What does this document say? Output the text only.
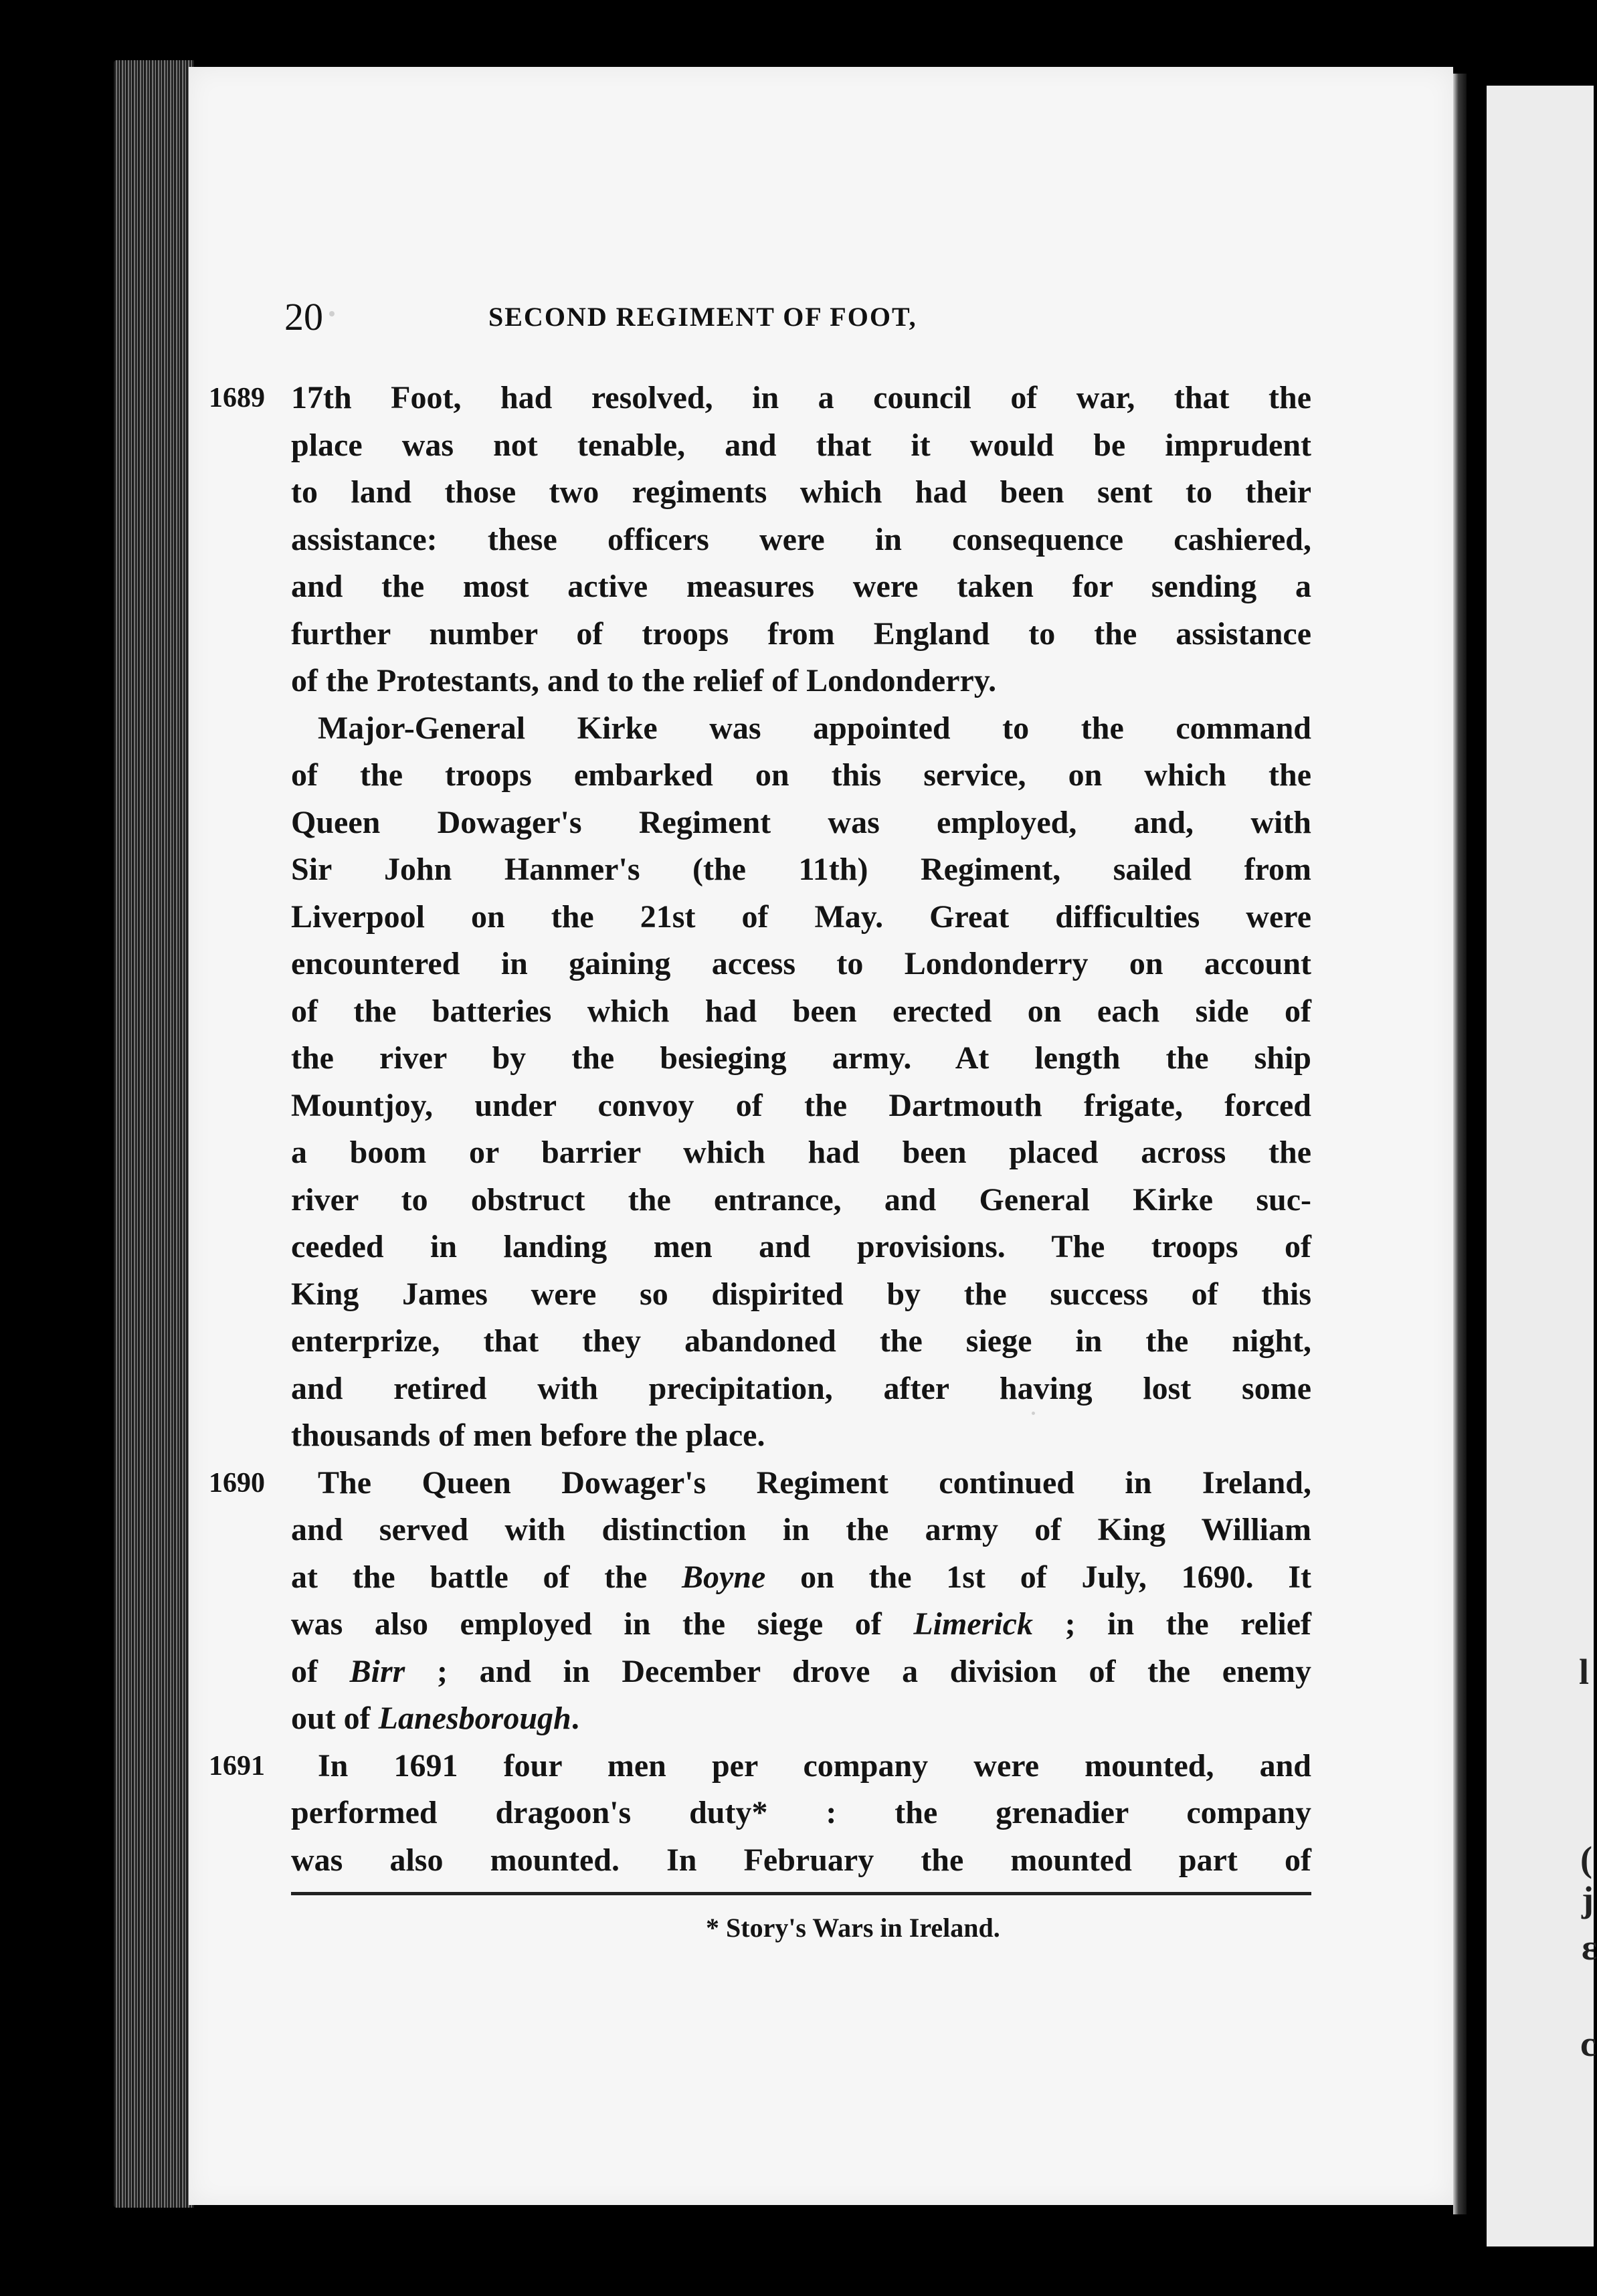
l
(
j
ε
c
20	SECOND REGIMENT OF FOOT,
1689 17th Foot, had resolved, in a council of war, that the
place was not tenable, and that it would be imprudent
to land those two regiments which had been sent to their
assistance: these officers were in consequence cashiered,
and the most active measures were taken for sending a
further number of troops from England to the assistance
of the Protestants, and to the relief of Londonderry.
Major-General Kirke was appointed to the command
of the troops embarked on this service, on which the
Queen Dowager's Regiment was employed, and, with
Sir John Hanmer's (the 11th) Regiment, sailed from
Liverpool on the 21st of May. Great difficulties were
encountered in gaining access to Londonderry on account
of the batteries which had been erected on each side of
the river by the besieging army. At length the ship
Mountjoy, under convoy of the Dartmouth frigate, forced
a boom or barrier which had been placed across the
river to obstruct the entrance, and General Kirke suc-
ceeded in landing men and provisions. The troops of
King James were so dispirited by the success of this
enterprize, that they abandoned the siege in the night,
and retired with precipitation, after having lost some
thousands of men before the place.
1690 The Queen Dowager's Regiment continued in Ireland,
and served with distinction in the army of King William
at the battle of the Boyne on the 1st of July, 1690. It
was also employed in the siege of Limerick ; in the relief
of Birr ; and in December drove a division of the enemy
out of Lanesborough.
1691 In 1691 four men per company were mounted, and
performed dragoon's duty* : the grenadier company
was also mounted. In February the mounted part of
* Story's Wars in Ireland.
